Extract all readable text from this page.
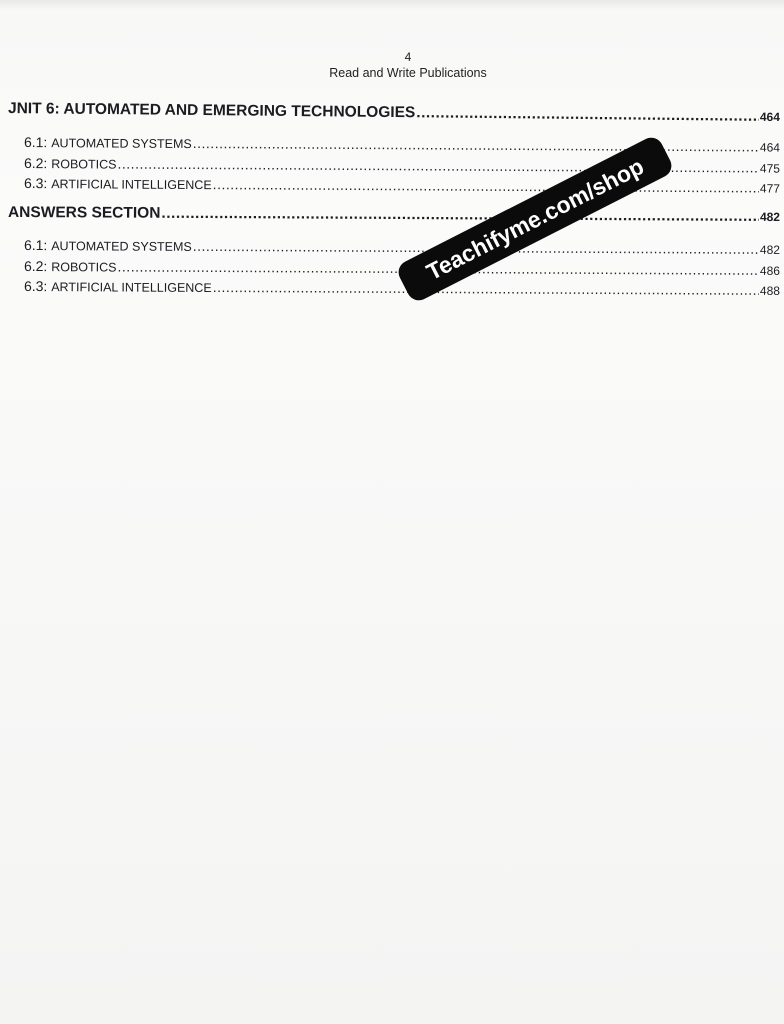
4
Read and Write Publications
JNIT 6: AUTOMATED AND EMERGING TECHNOLOGIES .....	464
6.1: AUTOMATED SYSTEMS .....	464
6.2: ROBOTICS .....	475
6.3: ARTIFICIAL INTELLIGENCE .....	477
ANSWERS SECTION .....	482
6.1: AUTOMATED SYSTEMS .....	482
6.2: ROBOTICS .....	486
6.3: ARTIFICIAL INTELLIGENCE .....	488
Teachifyme.com/shop
